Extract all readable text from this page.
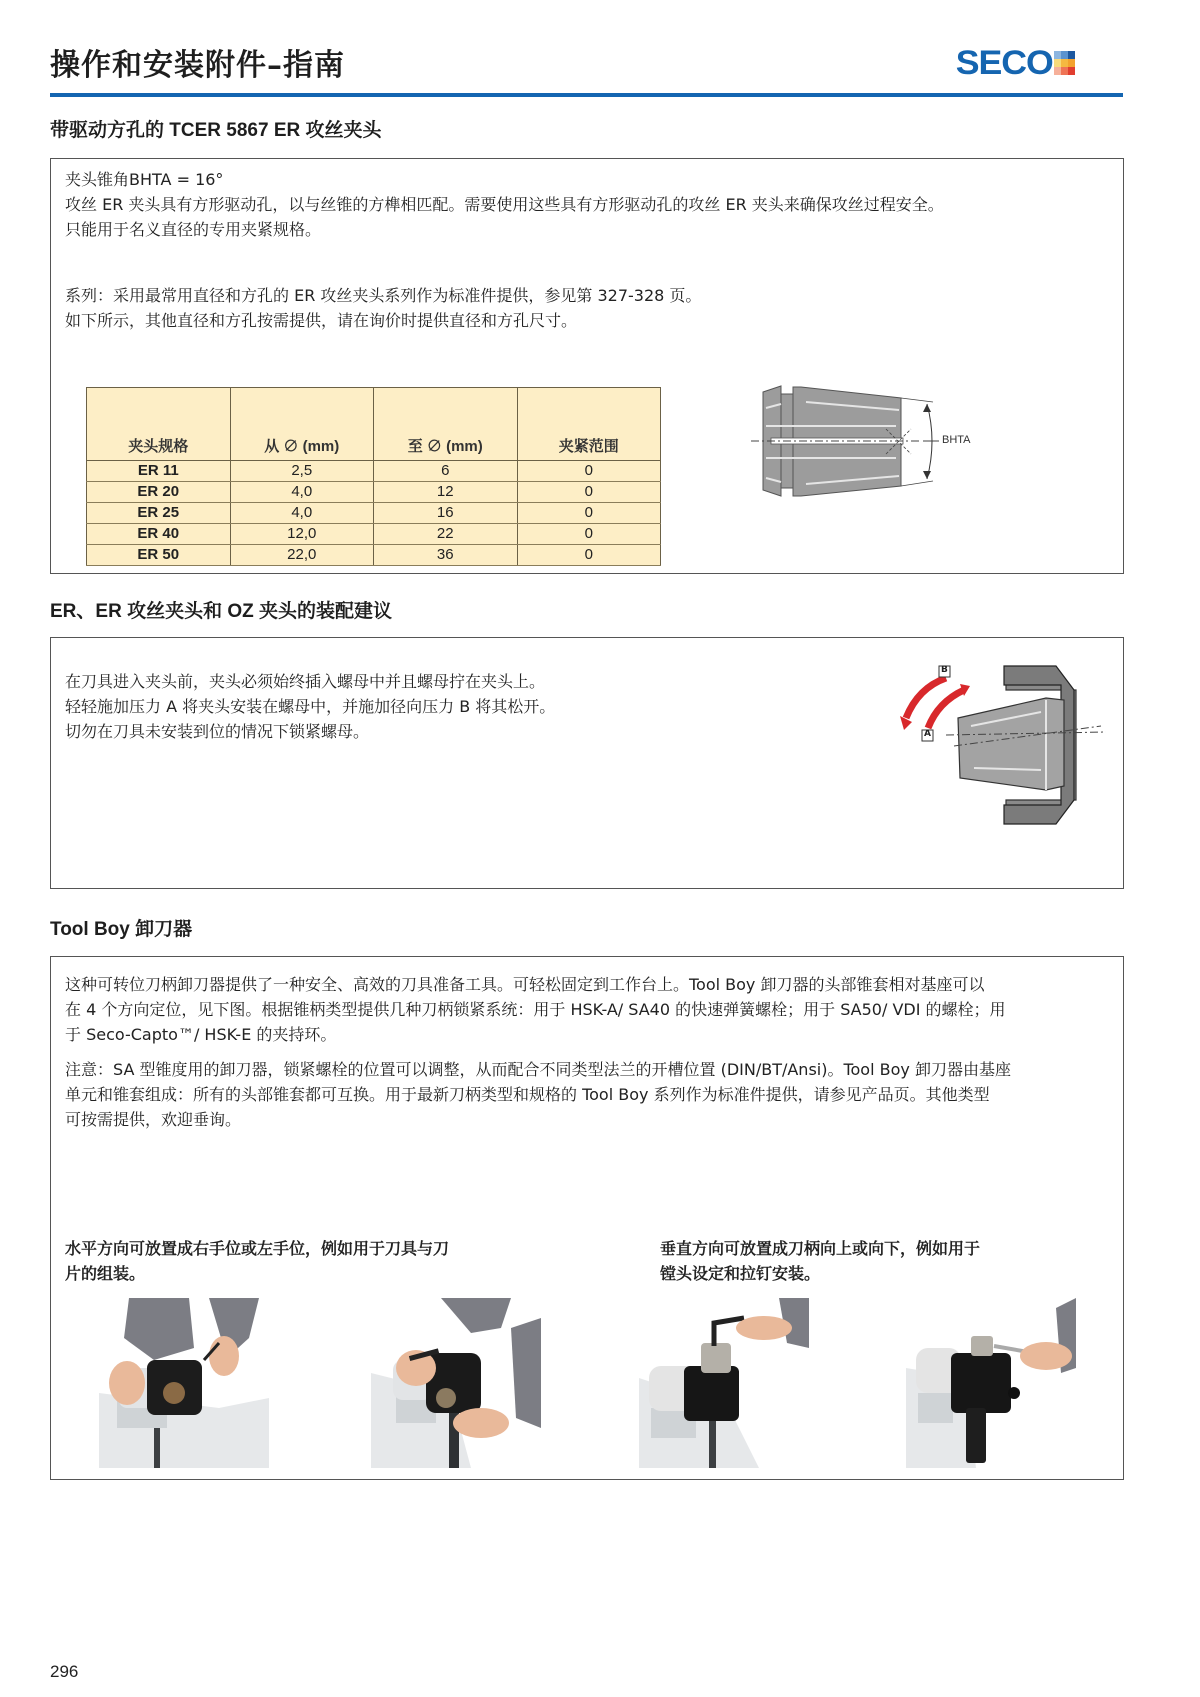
操作和安装附件–指南	SECO
带驱动方孔的 TCER 5867 ER 攻丝夹头

夹头锥角BHTA = 16°

攻丝 ER 夹头具有方形驱动孔，以与丝锥的方榫相匹配。需要使用这些具有方形驱动孔的攻丝 ER 夹头来确保攻丝过程安全。

只能用于名义直径的专用夹紧规格。

系列：采用最常用直径和方孔的 ER 攻丝夹头系列作为标准件提供，参见第 327-328 页。

如下所示，其他直径和方孔按需提供，请在询价时提供直径和方孔尺寸。

夹头规格	从 ∅ (mm)	至 ∅ (mm)	夹紧范围
ER 11	2,5	6	0
ER 20	4,0	12	0
ER 25	4,0	16	0
ER 40	12,0	22	0
ER 50	22,0	36	0
BHTA
ER、ER 攻丝夹头和 OZ 夹头的装配建议

在刀具进入夹头前，夹头必须始终插入螺母中并且螺母拧在夹头上。

轻轻施加压力 A 将夹头安装在螺母中，并施加径向压力 B 将其松开。

切勿在刀具未安装到位的情况下锁紧螺母。

B
A
Tool Boy 卸刀器

这种可转位刀柄卸刀器提供了一种安全、高效的刀具准备工具。可轻松固定到工作台上。Tool Boy 卸刀器的头部锥套相对基座可以

在 4 个方向定位，见下图。根据锥柄类型提供几种刀柄锁紧系统：用于 HSK-A/ SA40 的快速弹簧螺栓；用于 SA50/ VDI 的螺栓；用

于 Seco-Capto™/ HSK-E 的夹持环。

注意：SA 型锥度用的卸刀器，锁紧螺栓的位置可以调整，从而配合不同类型法兰的开槽位置 (DIN/BT/Ansi)。Tool Boy 卸刀器由基座

单元和锥套组成：所有的头部锥套都可互换。用于最新刀柄类型和规格的 Tool Boy 系列作为标准件提供，请参见产品页。其他类型

可按需提供，欢迎垂询。

水平方向可放置成右手位或左手位，例如用于刀具与刀
片的组装。
垂直方向可放置成刀柄向上或向下，例如用于
镗头设定和拉钉安装。
296
